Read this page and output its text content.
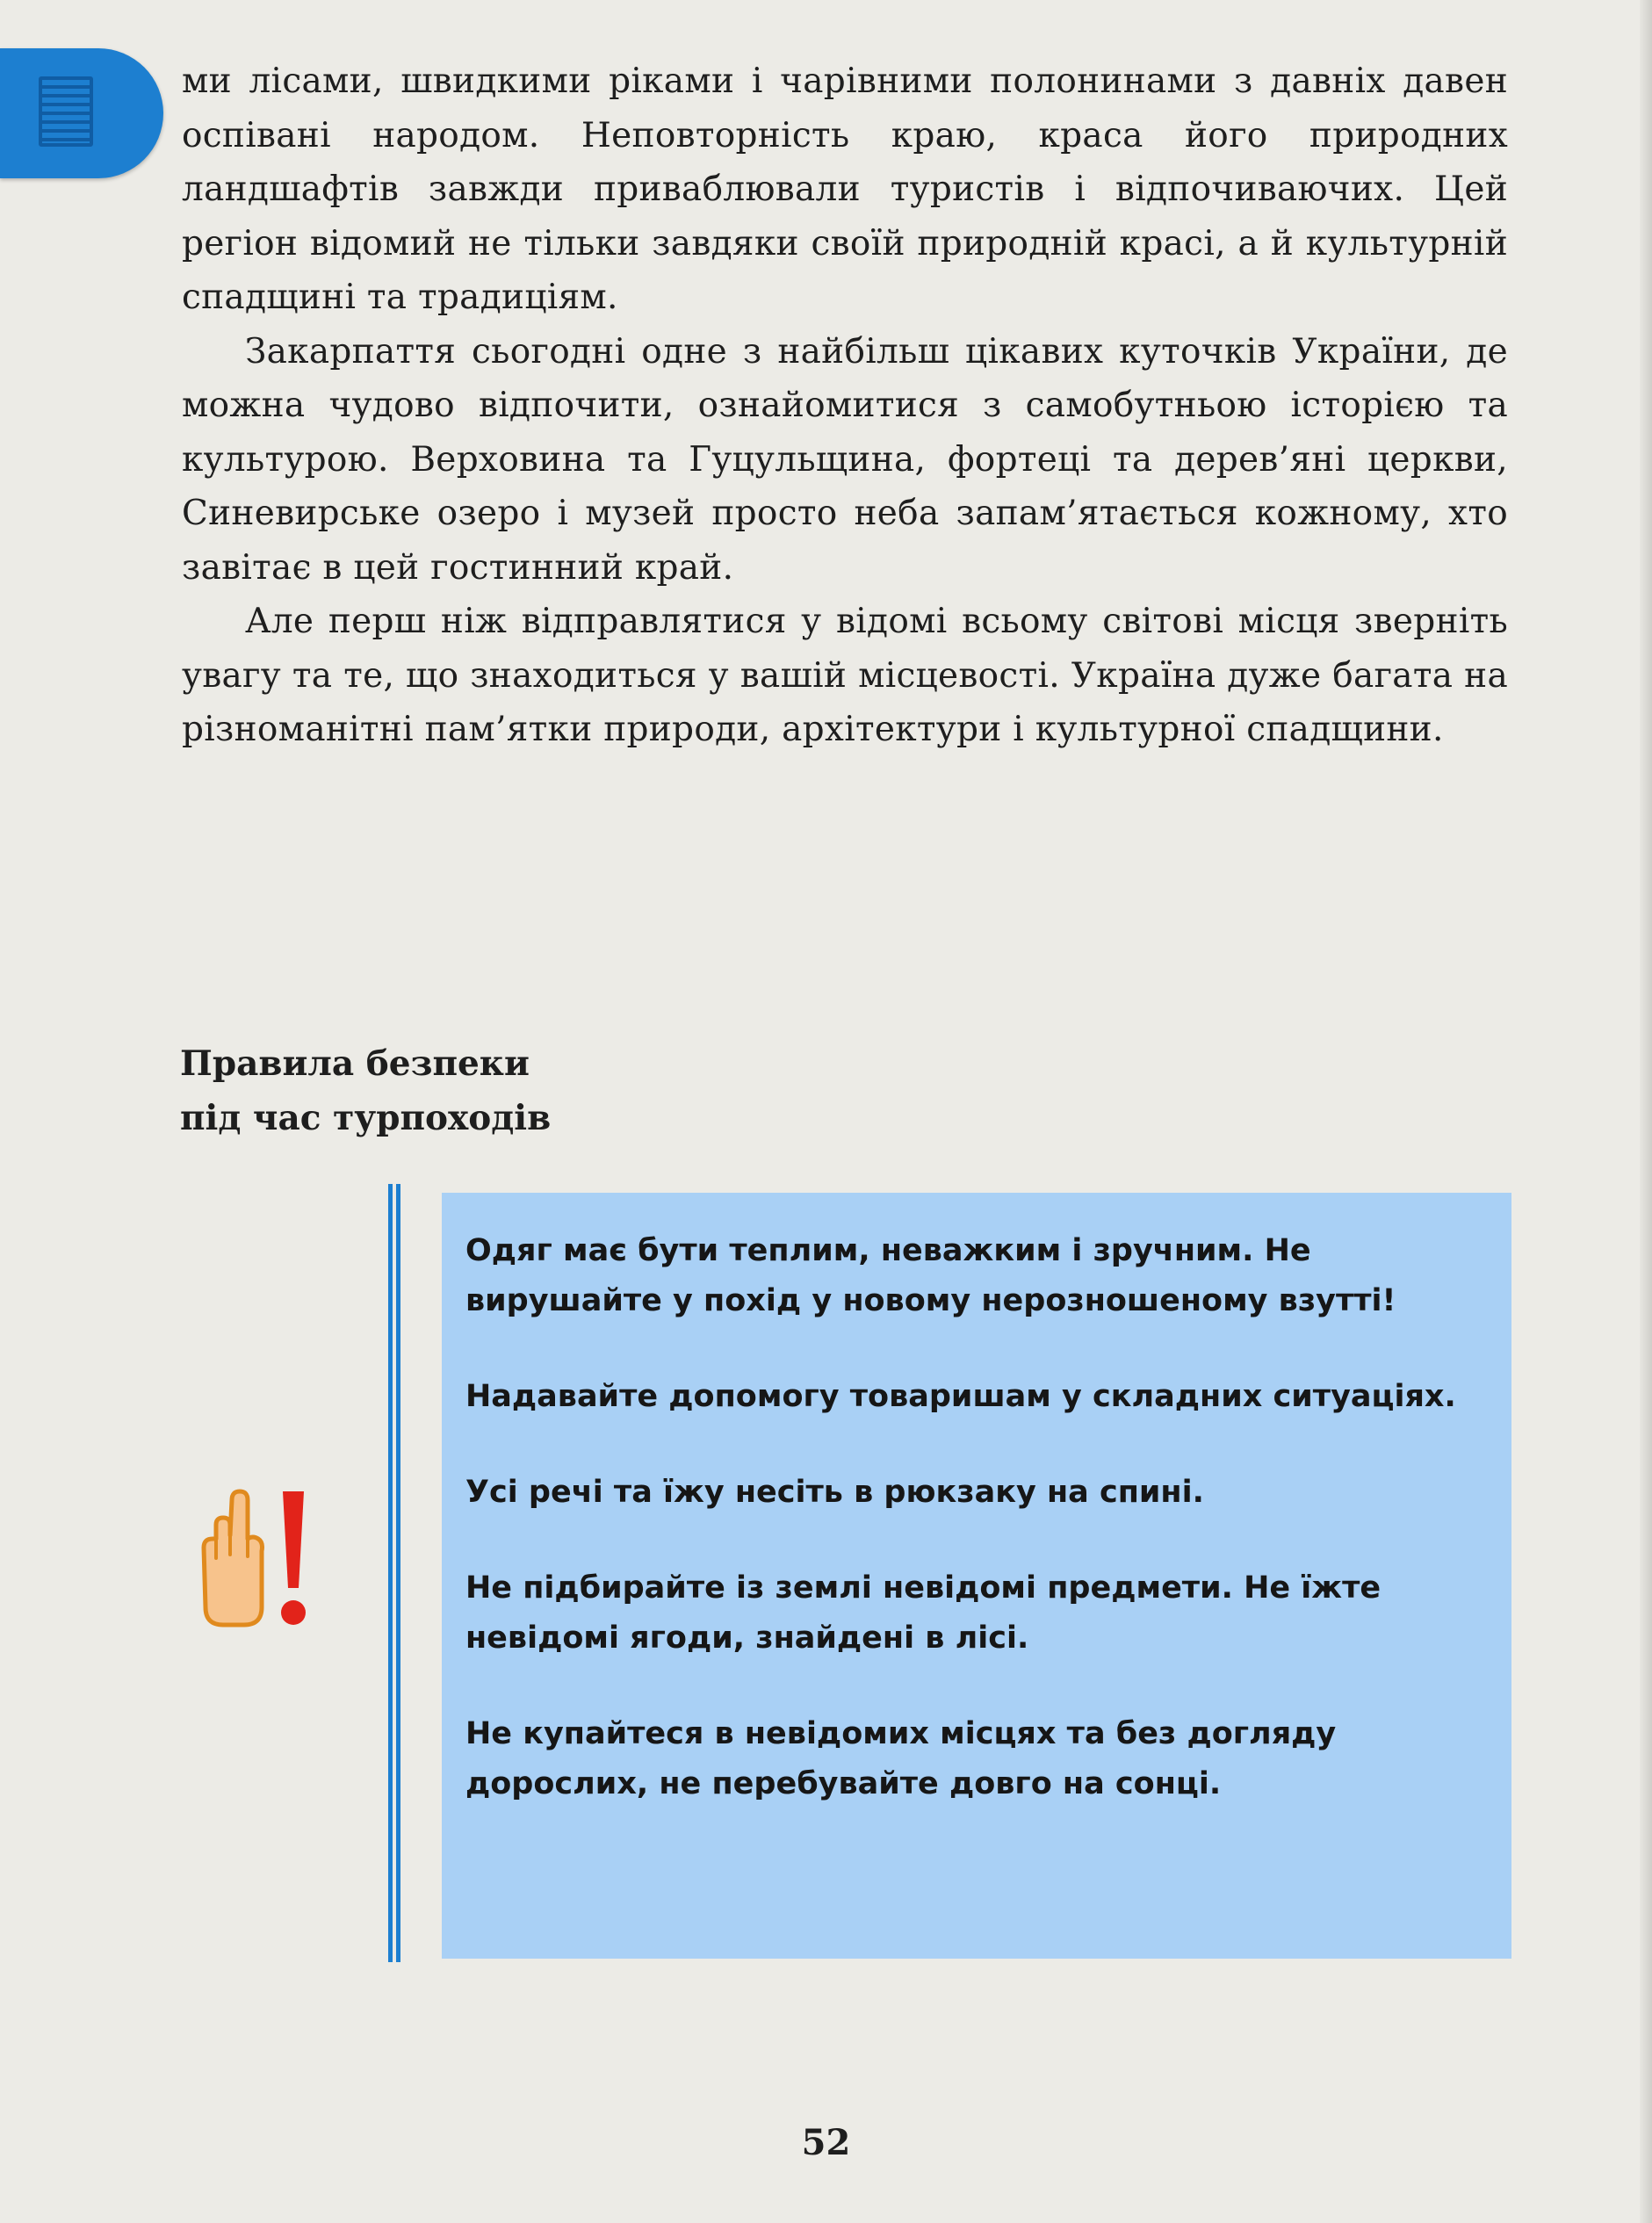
ми лісами, швидкими ріками і чарівними полонинами з давніх давен оспівані народом. Неповторність краю, краса його природних ландшафтів завжди приваблювали туристів і відпочиваючих. Цей регіон відомий не тільки завдяки своїй природній красі, а й культурній спадщині та традиціям.

Закарпаття сьогодні одне з найбільш цікавих куточків України, де можна чудово відпочити, ознайомитися з самобутньою історією та культурою. Верховина та Гуцульщина, фортеці та дерев’яні церкви, Синевирське озеро і музей просто неба запам’ятається кожному, хто завітає в цей гостинний край.

Але перш ніж відправлятися у відомі всьому світові місця зверніть увагу та те, що знаходиться у вашій місцевості. Україна дуже багата на різноманітні пам’ятки природи, архітектури і культурної спадщини.

Правила безпеки
під час турпоходів

Одяг має бути теплим, неважким і зручним. Не вирушайте у похід у новому нерозношеному взутті!

Надавайте допомогу товаришам у складних ситуаціях.

Усі речі та їжу несіть в рюкзаку на спині.

Не підбирайте із землі невідомі предмети. Не їжте невідомі ягоди, знайдені в лісі.

Не купайтеся в невідомих місцях та без догляду дорослих, не перебувайте довго на сонці.

52
